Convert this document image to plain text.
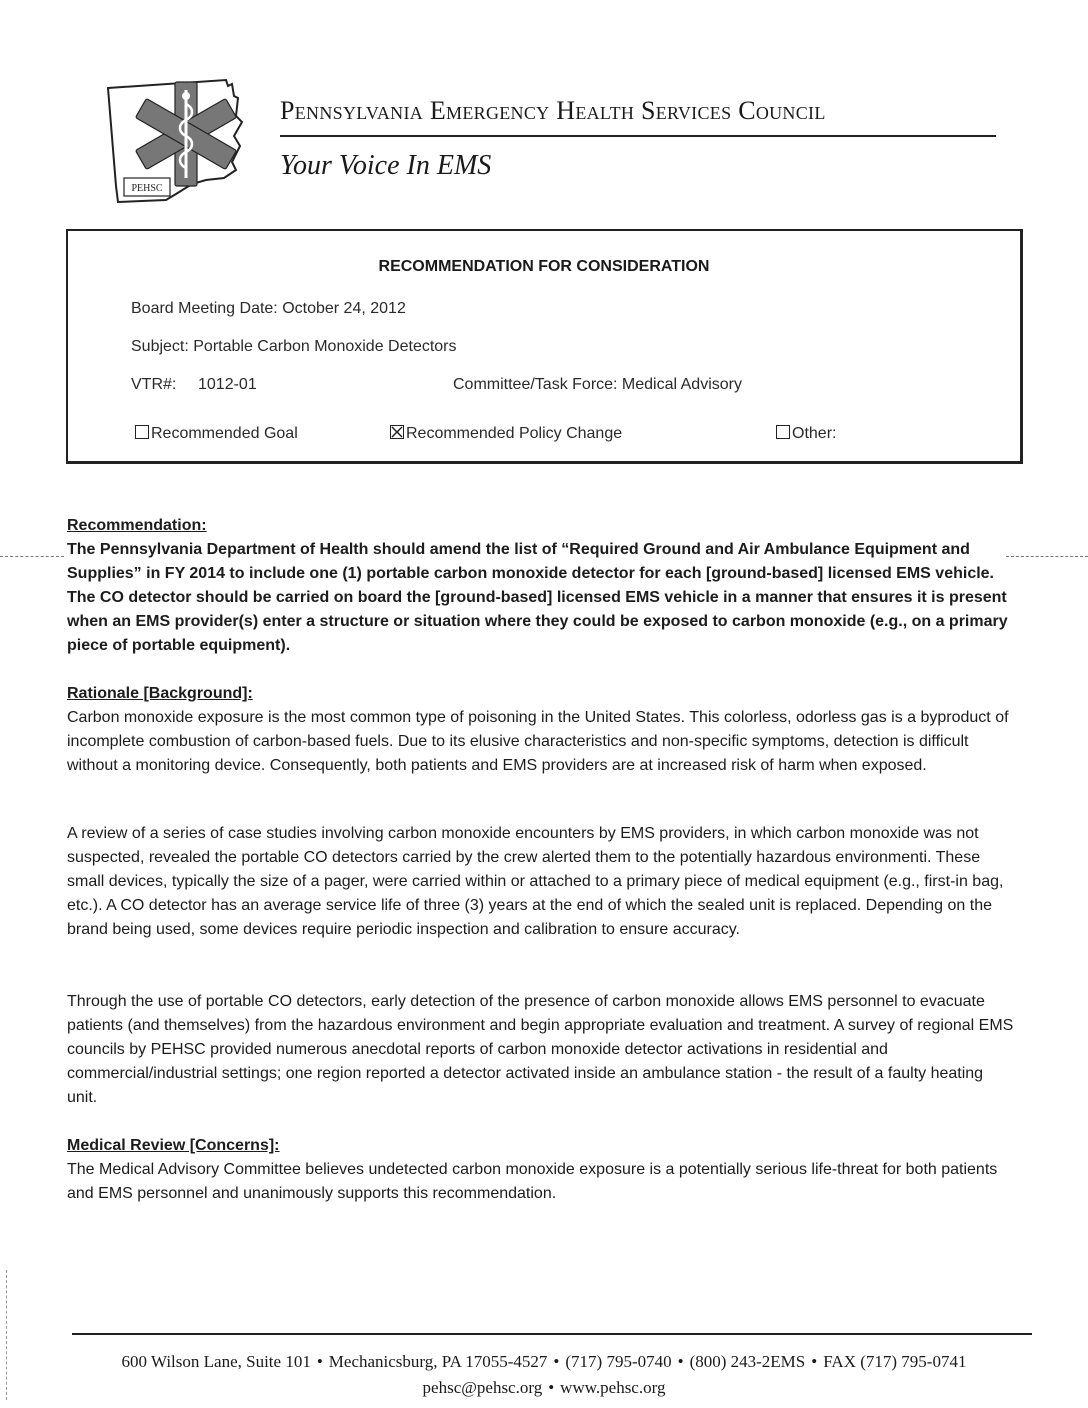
PEHSC
Pennsylvania Emergency Health Services Council
Your Voice In EMS
RECOMMENDATION FOR CONSIDERATION
Board Meeting Date: October 24, 2012
Subject: Portable Carbon Monoxide Detectors
VTR#: 1012-01	Committee/Task Force: Medical Advisory
Recommended Goal	Recommended Policy Change	Other:
Recommendation:

The Pennsylvania Department of Health should amend the list of “Required Ground and Air Ambulance Equipment and Supplies” in FY 2014 to include one (1) portable carbon monoxide detector for each [ground-based] licensed EMS vehicle. The CO detector should be carried on board the [ground-based] licensed EMS vehicle in a manner that ensures it is present when an EMS provider(s) enter a structure or situation where they could be exposed to carbon monoxide (e.g., on a primary piece of portable equipment).

Rationale [Background]:

Carbon monoxide exposure is the most common type of poisoning in the United States. This colorless, odorless gas is a byproduct of incomplete combustion of carbon-based fuels. Due to its elusive characteristics and non-specific symptoms, detection is difficult without a monitoring device. Consequently, both patients and EMS providers are at increased risk of harm when exposed.

A review of a series of case studies involving carbon monoxide encounters by EMS providers, in which carbon monoxide was not suspected, revealed the portable CO detectors carried by the crew alerted them to the potentially hazardous environmenti. These small devices, typically the size of a pager, were carried within or attached to a primary piece of medical equipment (e.g., first-in bag, etc.). A CO detector has an average service life of three (3) years at the end of which the sealed unit is replaced. Depending on the brand being used, some devices require periodic inspection and calibration to ensure accuracy.

Through the use of portable CO detectors, early detection of the presence of carbon monoxide allows EMS personnel to evacuate patients (and themselves) from the hazardous environment and begin appropriate evaluation and treatment. A survey of regional EMS councils by PEHSC provided numerous anecdotal reports of carbon monoxide detector activations in residential and commercial/industrial settings; one region reported a detector activated inside an ambulance station - the result of a faulty heating unit.

Medical Review [Concerns]:

The Medical Advisory Committee believes undetected carbon monoxide exposure is a potentially serious life-threat for both patients and EMS personnel and unanimously supports this recommendation.

600 Wilson Lane, Suite 101 • Mechanicsburg, PA 17055-4527 • (717) 795-0740 • (800) 243-2EMS • FAX (717) 795-0741
pehsc@pehsc.org • www.pehsc.org
